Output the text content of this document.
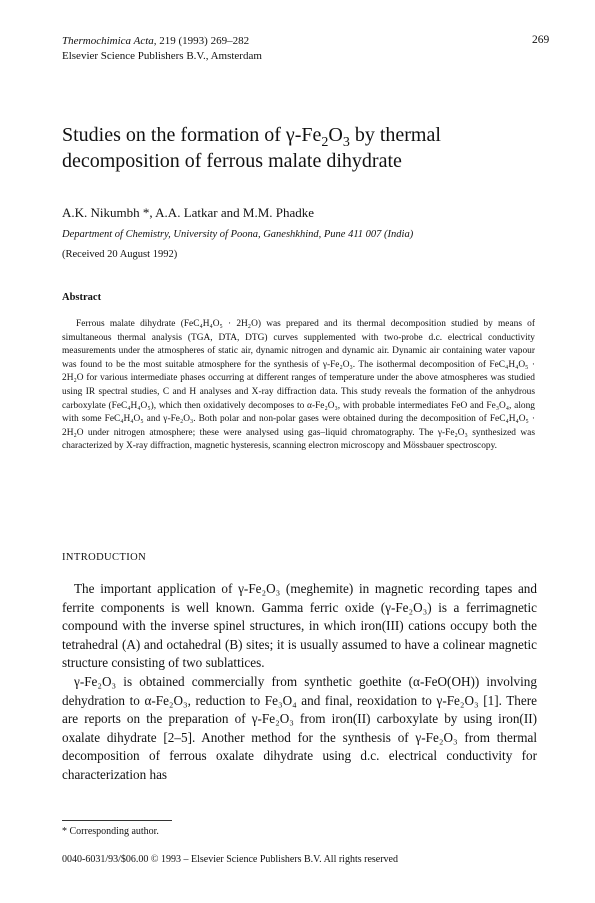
Thermochimica Acta, 219 (1993) 269–282
Elsevier Science Publishers B.V., Amsterdam
269
Studies on the formation of $\gamma-Fe_2O_3$ by thermal decomposition of ferrous malate dihydrate
A.K. Nikumbh *, A.A. Latkar and M.M. Phadke
Department of Chemistry, University of Poona, Ganeshkhind, Pune 411 007 (India)
(Received 20 August 1992)
Abstract
Ferrous malate dihydrate (FeC₄H₄O₅ · 2H₂O) was prepared and its thermal decomposition studied by means of simultaneous thermal analysis (TGA, DTA, DTG) curves supplemented with two-probe d.c. electrical conductivity measurements under the atmospheres of static air, dynamic nitrogen and dynamic air. Dynamic air containing water vapour was found to be the most suitable atmosphere for the synthesis of γ-Fe₂O₃. The isothermal decomposition of FeC₄H₄O₅ · 2H₂O for various intermediate phases occurring at different ranges of temperature under the above atmospheres was studied using IR spectral studies, C and H analyses and X-ray diffraction data. This study reveals the formation of the anhydrous carboxylate (FeC₄H₄O₅), which then oxidatively decomposes to α-Fe₂O₃, with probable intermediates FeO and Fe₃O₄, along with some FeC₄H₄O₅ and γ-Fe₂O₃. Both polar and non-polar gases were obtained during the decomposition of FeC₄H₄O₅ · 2H₂O under nitrogen atmosphere; these were analysed using gas–liquid chromatography. The γ-Fe₂O₃ synthesized was characterized by X-ray diffraction, magnetic hysteresis, scanning electron microscopy and Mössbauer spectroscopy.
INTRODUCTION

The important application of γ-Fe₂O₃ (meghemite) in magnetic recording tapes and ferrite components is well known. Gamma ferric oxide (γ-Fe₂O₃) is a ferrimagnetic compound with the inverse spinel structures, in which iron(III) cations occupy both the tetrahedral (A) and octahedral (B) sites; it is usually assumed to have a colinear magnetic structure consisting of two sublattices.

γ-Fe₂O₃ is obtained commercially from synthetic goethite (α-FeO(OH)) involving dehydration to α-Fe₂O₃, reduction to Fe₃O₄ and final, reoxidation to γ-Fe₂O₃ [1]. There are reports on the preparation of γ-Fe₂O₃ from iron(II) carboxylate by using iron(II) oxalate dihydrate [2–5]. Another method for the synthesis of γ-Fe₂O₃ from thermal decomposition of ferrous oxalate dihydrate using d.c. electrical conductivity for characterization has

* Corresponding author.
0040-6031/93/$06.00 © 1993 – Elsevier Science Publishers B.V. All rights reserved
